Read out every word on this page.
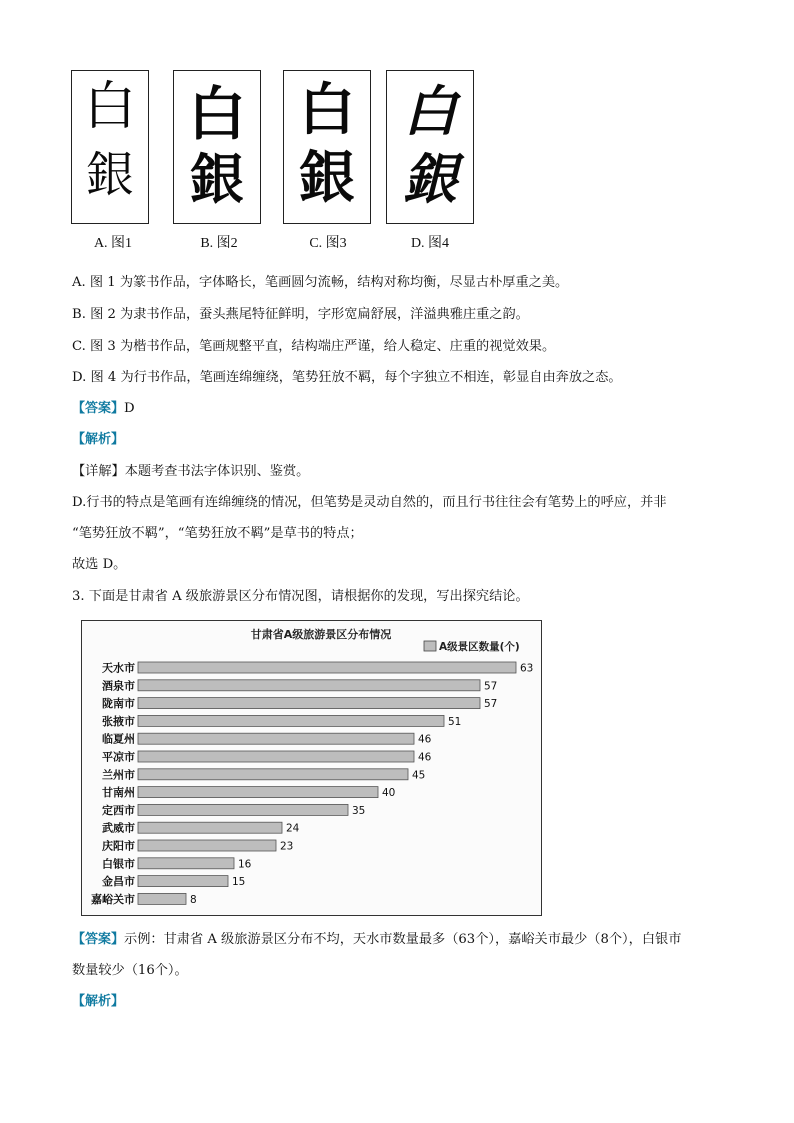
白
銀
白
銀
白
銀
白
銀
A. 图1	B. 图2	C. 图3	D. 图4
A. 图 1 为篆书作品，字体略长，笔画圆匀流畅，结构对称均衡，尽显古朴厚重之美。
B. 图 2 为隶书作品，蚕头燕尾特征鲜明，字形宽扁舒展，洋溢典雅庄重之韵。
C. 图 3 为楷书作品，笔画规整平直，结构端庄严谨，给人稳定、庄重的视觉效果。
D. 图 4 为行书作品，笔画连绵缠绕，笔势狂放不羁，每个字独立不相连，彰显自由奔放之态。
【答案】D
【解析】
【详解】本题考查书法字体识别、鉴赏。
D.行书的特点是笔画有连绵缠绕的情况，但笔势是灵动自然的，而且行书往往会有笔势上的呼应，并非
“笔势狂放不羁”，“笔势狂放不羁”是草书的特点；
故选 D。
3. 下面是甘肃省 A 级旅游景区分布情况图，请根据你的发现，写出探究结论。
甘肃省A级旅游景区分布情况
A级景区数量(个)
天水市	63
酒泉市	57
陇南市	57
张掖市	51
临夏州	46
平凉市	46
兰州市	45
甘南州	40
定西市	35
武威市	24
庆阳市	23
白银市	16
金昌市	15
嘉峪关市	8
【答案】示例：甘肃省 A 级旅游景区分布不均，天水市数量最多（63个），嘉峪关市最少（8个），白银市
数量较少（16个）。
【解析】
